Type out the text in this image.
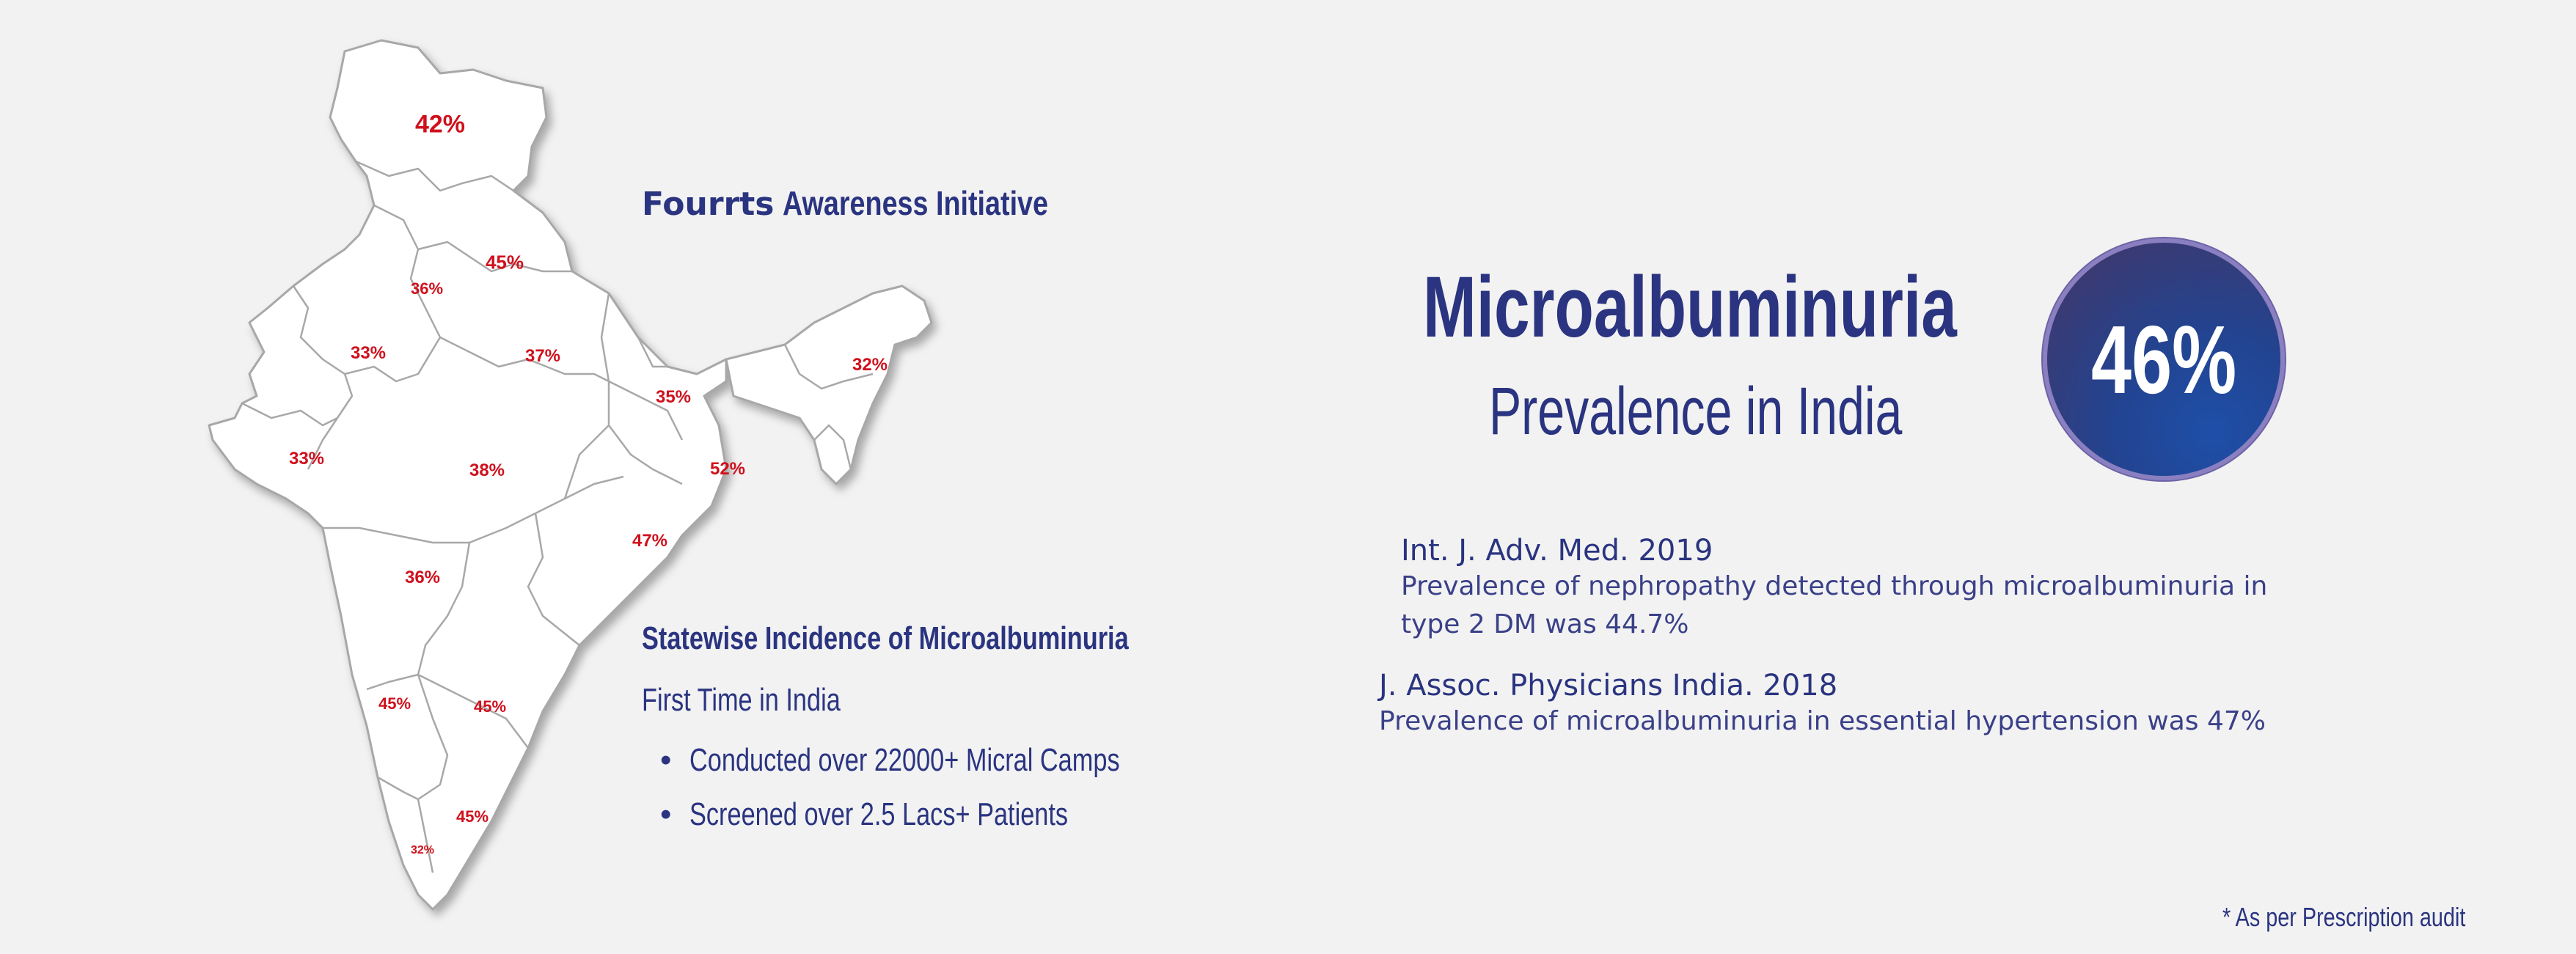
42%
45%
36%
33%	37%
35%
32%
33%
38%	52%
47%
36%
45%	45%
45%
32%
Fourrts Awareness Initiative
Statewise Incidence of Microalbuminuria
First Time in India
• Conducted over 22000+ Micral Camps
• Screened over 2.5 Lacs+ Patients
Microalbuminuria
Prevalence in India	46%
Int. J. Adv. Med. 2019
Prevalence of nephropathy detected through microalbuminuria in type 2 DM was 44.7%
J. Assoc. Physicians India. 2018
Prevalence of microalbuminuria in essential hypertension was 47%
* As per Prescription audit
